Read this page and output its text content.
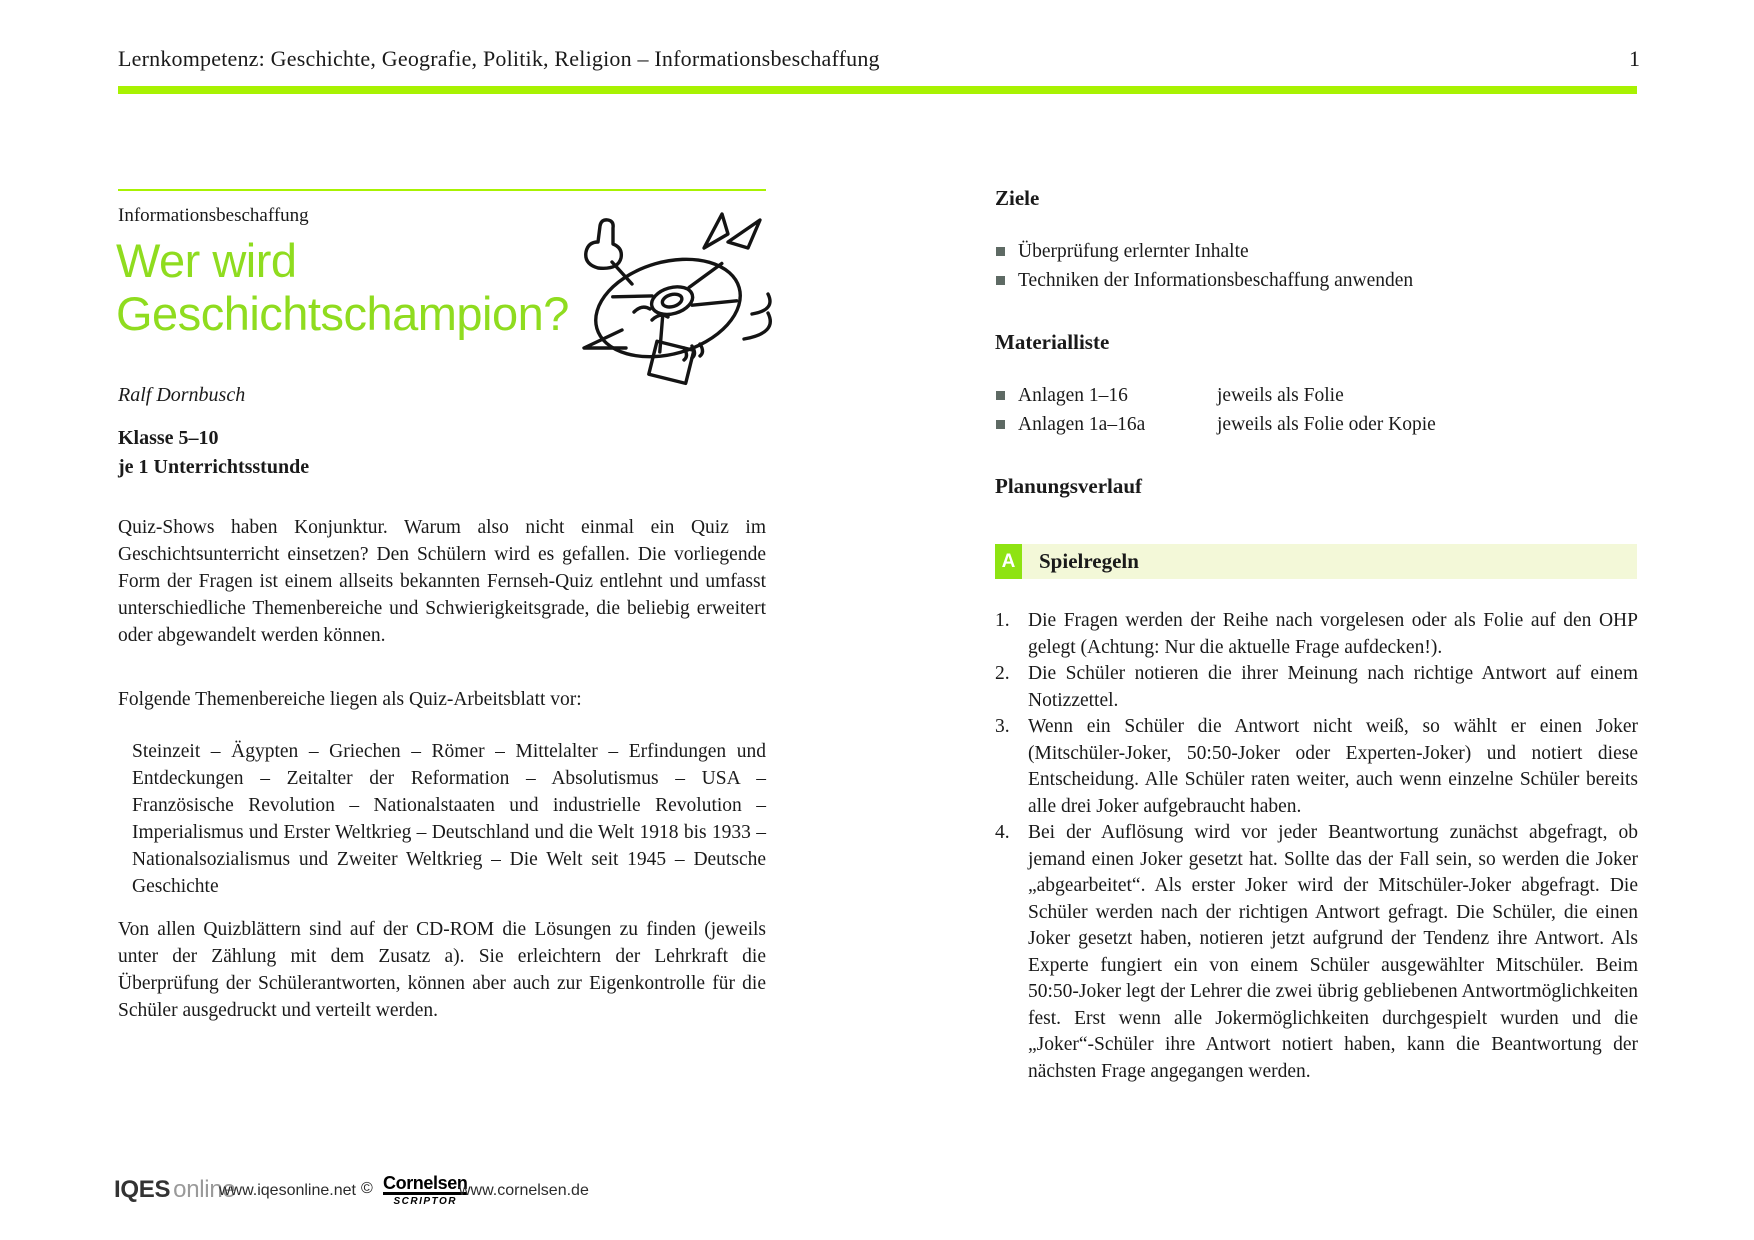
Lernkompetenz: Geschichte, Geografie, Politik, Religion – Informationsbeschaffung	1
Informationsbeschaffung
Wer wird Geschichtschampion?
Ralf Dornbusch
Klasse 5–10
je 1 Unterrichtsstunde
Quiz-Shows haben Konjunktur. Warum also nicht einmal ein Quiz im Geschichtsunterricht einsetzen? Den Schülern wird es gefallen. Die vorliegende Form der Fragen ist einem allseits bekannten Fernseh-Quiz entlehnt und umfasst unterschiedliche Themenbereiche und Schwierigkeitsgrade, die beliebig erweitert oder abgewandelt werden können.
Folgende Themenbereiche liegen als Quiz-Arbeitsblatt vor:
Steinzeit – Ägypten – Griechen – Römer – Mittelalter – Erfindungen und Entdeckungen – Zeitalter der Reformation – Absolutismus – USA – Französische Revolution – Nationalstaaten und industrielle Revolution – Imperialismus und Erster Weltkrieg – Deutschland und die Welt 1918 bis 1933 – Nationalsozialismus und Zweiter Weltkrieg – Die Welt seit 1945 – Deutsche Geschichte
Von allen Quizblättern sind auf der CD-ROM die Lösungen zu finden (jeweils unter der Zählung mit dem Zusatz a). Sie erleichtern der Lehrkraft die Überprüfung der Schülerantworten, können aber auch zur Eigenkontrolle für die Schüler ausgedruckt und verteilt werden.
Ziele
Überprüfung erlernter Inhalte
Techniken der Informationsbeschaffung anwenden
Materialliste
Anlagen 1–16	jeweils als Folie
Anlagen 1a–16a	jeweils als Folie oder Kopie
Planungsverlauf
A	Spielregeln
1. Die Fragen werden der Reihe nach vorgelesen oder als Folie auf den OHP gelegt (Achtung: Nur die aktuelle Frage aufdecken!).
2. Die Schüler notieren die ihrer Meinung nach richtige Antwort auf einem Notizzettel.
3. Wenn ein Schüler die Antwort nicht weiß, so wählt er einen Joker (Mitschüler-Joker, 50:50-Joker oder Experten-Joker) und notiert diese Entscheidung. Alle Schüler raten weiter, auch wenn einzelne Schüler bereits alle drei Joker aufgebraucht haben.
4. Bei der Auflösung wird vor jeder Beantwortung zunächst abgefragt, ob jemand einen Joker gesetzt hat. Sollte das der Fall sein, so werden die Joker „abgearbeitet“. Als erster Joker wird der Mitschüler-Joker abgefragt. Die Schüler werden nach der richtigen Antwort gefragt. Die Schüler, die einen Joker gesetzt haben, notieren jetzt aufgrund der Tendenz ihre Antwort. Als Experte fungiert ein von einem Schüler ausgewählter Mitschüler. Beim 50:50-Joker legt der Lehrer die zwei übrig gebliebenen Antwortmöglichkeiten fest. Erst wenn alle Jokermöglichkeiten durchgespielt wurden und die „Joker“-Schüler ihre Antwort notiert haben, kann die Beantwortung der nächsten Frage angegangen werden.
IQES online
www.iqesonline.net © Cornelsen
SCRIPTOR
www.cornelsen.de
